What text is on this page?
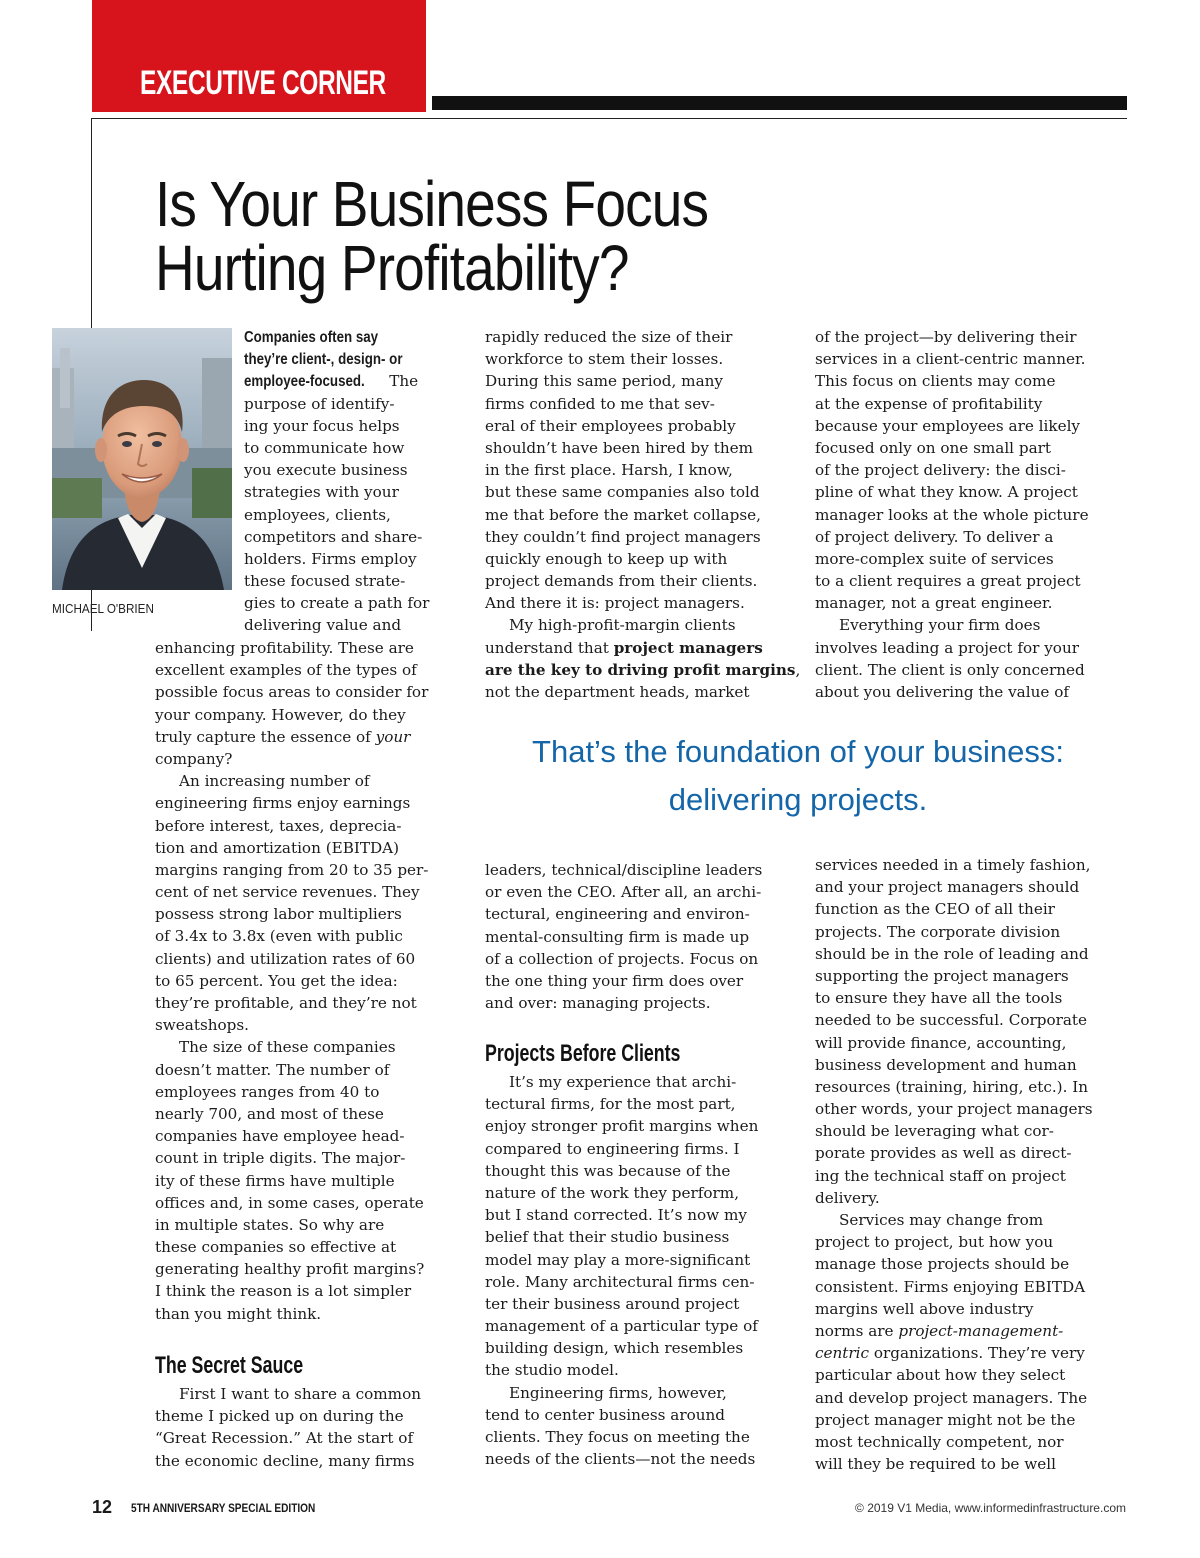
EXECUTIVE CORNER
Is Your Business Focus
Hurting Profitability?
MICHAEL O'BRIEN
Companies often say
they’re client-, design- or
employee-focused. The
purpose of identify-
ing your focus helps
to communicate how
you execute business
strategies with your
employees, clients,
competitors and share-
holders. Firms employ
these focused strate-
gies to create a path for
delivering value and
enhancing profitability. These are
excellent examples of the types of
possible focus areas to consider for
your company. However, do they
truly capture the essence of your
company?
An increasing number of
engineering firms enjoy earnings
before interest, taxes, deprecia-
tion and amortization (EBITDA)
margins ranging from 20 to 35 per-
cent of net service revenues. They
possess strong labor multipliers
of 3.4x to 3.8x (even with public
clients) and utilization rates of 60
to 65 percent. You get the idea:
they’re profitable, and they’re not
sweatshops.
The size of these companies
doesn’t matter. The number of
employees ranges from 40 to
nearly 700, and most of these
companies have employee head-
count in triple digits. The major-
ity of these firms have multiple
offices and, in some cases, operate
in multiple states. So why are
these companies so effective at
generating healthy profit margins?
I think the reason is a lot simpler
than you might think.
The Secret Sauce
First I want to share a common
theme I picked up on during the
“Great Recession.” At the start of
the economic decline, many firms
rapidly reduced the size of their
workforce to stem their losses.
During this same period, many
firms confided to me that sev-
eral of their employees probably
shouldn’t have been hired by them
in the first place. Harsh, I know,
but these same companies also told
me that before the market collapse,
they couldn’t find project managers
quickly enough to keep up with
project demands from their clients.
And there it is: project managers.
My high-profit-margin clients
understand that project managers
are the key to driving profit margins,
not the department heads, market
leaders, technical/discipline leaders
or even the CEO. After all, an archi-
tectural, engineering and environ-
mental-consulting firm is made up
of a collection of projects. Focus on
the one thing your firm does over
and over: managing projects.
Projects Before Clients
It’s my experience that archi-
tectural firms, for the most part,
enjoy stronger profit margins when
compared to engineering firms. I
thought this was because of the
nature of the work they perform,
but I stand corrected. It’s now my
belief that their studio business
model may play a more-significant
role. Many architectural firms cen-
ter their business around project
management of a particular type of
building design, which resembles
the studio model.
Engineering firms, however,
tend to center business around
clients. They focus on meeting the
needs of the clients—not the needs
of the project—by delivering their
services in a client-centric manner.
This focus on clients may come
at the expense of profitability
because your employees are likely
focused only on one small part
of the project delivery: the disci-
pline of what they know. A project
manager looks at the whole picture
of project delivery. To deliver a
more-complex suite of services
to a client requires a great project
manager, not a great engineer.
Everything your firm does
involves leading a project for your
client. The client is only concerned
about you delivering the value of
services needed in a timely fashion,
and your project managers should
function as the CEO of all their
projects. The corporate division
should be in the role of leading and
supporting the project managers
to ensure they have all the tools
needed to be successful. Corporate
will provide finance, accounting,
business development and human
resources (training, hiring, etc.). In
other words, your project managers
should be leveraging what cor-
porate provides as well as direct-
ing the technical staff on project
delivery.
Services may change from
project to project, but how you
manage those projects should be
consistent. Firms enjoying EBITDA
margins well above industry
norms are project-management-
centric organizations. They’re very
particular about how they select
and develop project managers. The
project manager might not be the
most technically competent, nor
will they be required to be well
That’s the foundation of your business:
delivering projects.
12 5TH ANNIVERSARY SPECIAL EDITION	© 2019 V1 Media, www.informedinfrastructure.com
